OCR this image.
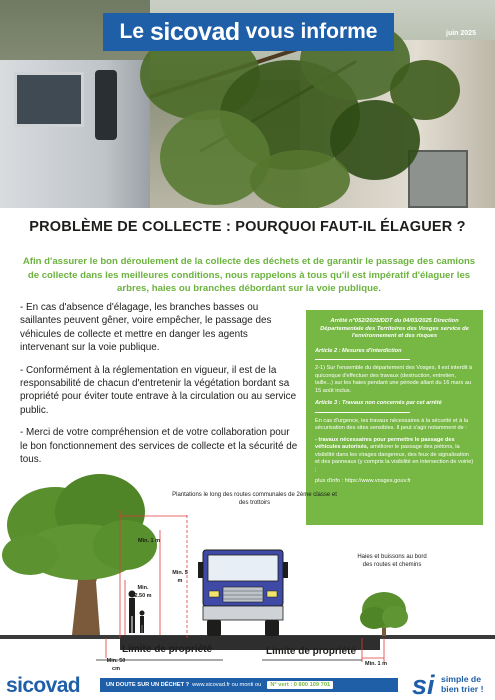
Le sicovad vous informe	juin 2025
PROBLÈME DE COLLECTE : POURQUOI FAUT-IL ÉLAGUER ?
Afin d'assurer le bon déroulement de la collecte des déchets et de garantir le passage des camions de collecte dans les meilleures conditions, nous rappelons à tous qu'il est impératif d'élaguer les arbres, haies ou branches débordant sur la voie publique.

- En cas d'absence d'élagage, les branches basses ou saillantes peuvent gêner, voire empêcher, le passage des véhicules de collecte et mettre en danger les agents intervenant sur la voie publique.

- Conformément à la réglementation en vigueur, il est de la responsabilité de chacun d'entretenir la végétation bordant sa propriété pour éviter toute entrave à la circulation ou au service public.

- Merci de votre compréhension et de votre collaboration pour le bon fonctionnement des services de collecte et la sécurité de tous.

Arrêté n°052/2025/DDT du 04/03/2025 Direction Départementale des Territoires des Vosges service de l'environnement et des risques
Article 2 : Mesures d'interdiction

2-1) Sur l'ensemble du département des Vosges, il est interdit à quiconque d'effectuer des travaux (destruction, entretien, taille...) sur les haies pendant une période allant du 16 mars au 15 août inclus.

Article 3 : Travaux non concernés par cet arrêté

En cas d'urgence, les travaux nécessaires à la sécurité et à la sécurisation des sites sensibles. Il peut s'agir notamment de :

- travaux nécessaires pour permettre le passage des véhicules autorisés, améliorer le passage des piétons, la visibilité dans les virages dangereux, des feux de signalisation et des panneaux (y compris la visibilité en intersection de voirie) ;

plus d'info : https://www.vosges.gouv.fr

Plantations le long des routes communales de 2ème classe et des trottoirs
Haies et buissons au bord des routes et chemins
Min. 1 m
Min. 5 m
Min. 2.50 m
Min. 50 cm
Min. 1 m
Limite de propriété	Limite de propriété
sicovad	UN DOUTE SUR UN DÉCHET ? www.sicovad.fr ou monti ou	N° vert : 0 800 109 701	si simple de
bien trier !
